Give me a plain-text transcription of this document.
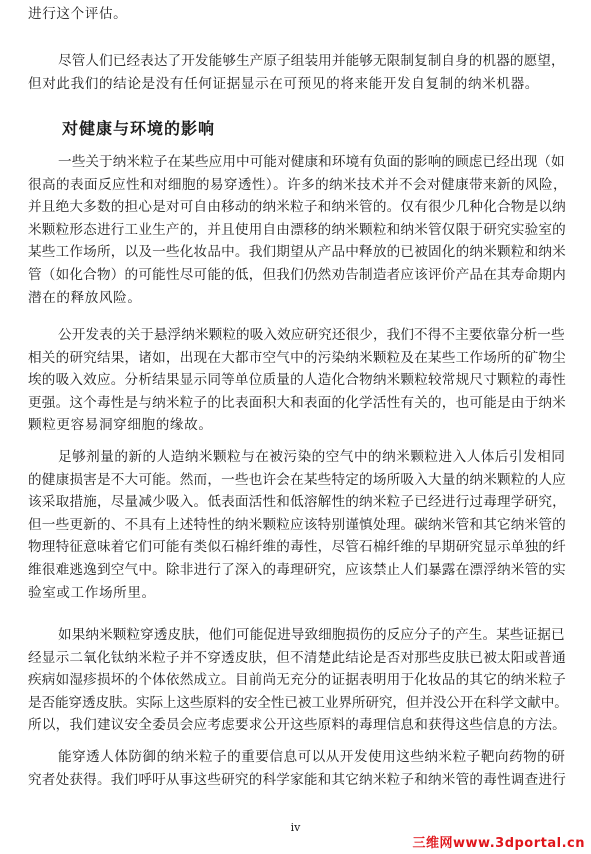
进行这个评估。
尽管人们已经表达了开发能够生产原子组装用并能够无限制复制自身的机器的愿望，
但对此我们的结论是没有任何证据显示在可预见的将来能开发自复制的纳米机器。
对健康与环境的影响
一些关于纳米粒子在某些应用中可能对健康和环境有负面的影响的顾虑已经出现（如
很高的表面反应性和对细胞的易穿透性）。许多的纳米技术并不会对健康带来新的风险，
并且绝大多数的担心是对可自由移动的纳米粒子和纳米管的。仅有很少几种化合物是以纳
米颗粒形态进行工业生产的，并且使用自由漂移的纳米颗粒和纳米管仅限于研究实验室的
某些工作场所，以及一些化妆品中。我们期望从产品中释放的已被固化的纳米颗粒和纳米
管（如化合物）的可能性尽可能的低，但我们仍然劝告制造者应该评价产品在其寿命期内
潜在的释放风险。
公开发表的关于悬浮纳米颗粒的吸入效应研究还很少，我们不得不主要依靠分析一些
相关的研究结果，诸如，出现在大都市空气中的污染纳米颗粒及在某些工作场所的矿物尘
埃的吸入效应。分析结果显示同等单位质量的人造化合物纳米颗粒较常规尺寸颗粒的毒性
更强。这个毒性是与纳米粒子的比表面积大和表面的化学活性有关的，也可能是由于纳米
颗粒更容易洞穿细胞的缘故。
足够剂量的新的人造纳米颗粒与在被污染的空气中的纳米颗粒进入人体后引发相同
的健康损害是不大可能。然而，一些也许会在某些特定的场所吸入大量的纳米颗粒的人应
该采取措施，尽量减少吸入。低表面活性和低溶解性的纳米粒子已经进行过毒理学研究，
但一些更新的、不具有上述特性的纳米颗粒应该特别谨慎处理。碳纳米管和其它纳米管的
物理特征意味着它们可能有类似石棉纤维的毒性，尽管石棉纤维的早期研究显示单独的纤
维很难逃逸到空气中。除非进行了深入的毒理研究，应该禁止人们暴露在漂浮纳米管的实
验室或工作场所里。
如果纳米颗粒穿透皮肤，他们可能促进导致细胞损伤的反应分子的产生。某些证据已
经显示二氧化钛纳米粒子并不穿透皮肤，但不清楚此结论是否对那些皮肤已被太阳或普通
疾病如湿疹损坏的个体依然成立。目前尚无充分的证据表明用于化妆品的其它的纳米粒子
是否能穿透皮肤。实际上这些原料的安全性已被工业界所研究，但并没公开在科学文献中。
所以，我们建议安全委员会应考虑要求公开这些原料的毒理信息和获得这些信息的方法。
能穿透人体防御的纳米粒子的重要信息可以从开发使用这些纳米粒子靶向药物的研
究者处获得。我们呼吁从事这些研究的科学家能和其它纳米粒子和纳米管的毒性调查进行
iv
三维网www.3dportal.cn
